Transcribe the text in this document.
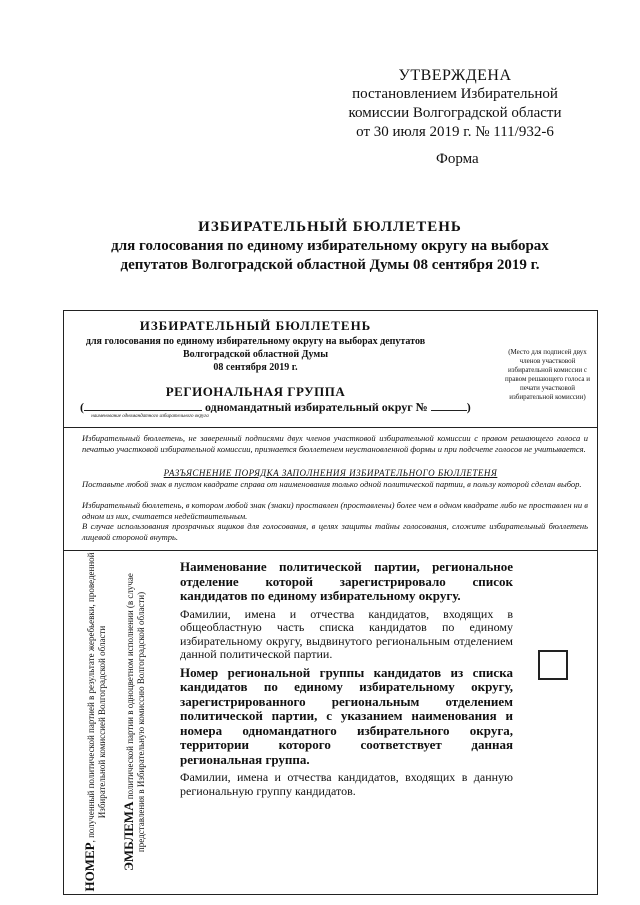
УТВЕРЖДЕНА
постановлением Избирательной
комиссии Волгоградской области
от 30 июля 2019 г. № 111/932-6
Форма
ИЗБИРАТЕЛЬНЫЙ БЮЛЛЕТЕНЬ
для голосования по единому избирательному округу на выборах
депутатов Волгоградской областной Думы 08 сентября 2019 г.
ИЗБИРАТЕЛЬНЫЙ БЮЛЛЕТЕНЬ
для голосования по единому избирательному округу на выборах депутатов
Волгоградской областной Думы
08 сентября 2019 г.
РЕГИОНАЛЬНАЯ ГРУППА
(	одномандатный избирательный округ №	)
наименование одномандатного избирательного округа
(Место для подписей двух членов участковой избирательной комиссии с правом решающего голоса и печати участковой избирательной комиссии)
Избирательный бюллетень, не заверенный подписями двух членов участковой избирательной комиссии с правом решающего голоса и печатью участковой избирательной комиссии, признается бюллетенем неустановленной формы и при подсчете голосов не учитывается.
РАЗЪЯСНЕНИЕ ПОРЯДКА ЗАПОЛНЕНИЯ ИЗБИРАТЕЛЬНОГО БЮЛЛЕТЕНЯ
Поставьте любой знак в пустом квадрате справа от наименования только одной политической партии, в пользу которой сделан выбор.
Избирательный бюллетень, в котором любой знак (знаки) проставлен (проставлены) более чем в одном квадрате либо не проставлен ни в одном из них, считается недействительным.
В случае использования прозрачных ящиков для голосования, в целях защиты тайны голосования, сложите избирательный бюллетень лицевой стороной внутрь.
НОМЕР, полученный политической партией в результате жеребьевки, проведенной Избирательной комиссией Волгоградской области
ЭМБЛЕМА политической партии в одноцветном исполнении (в случае представления в Избирательную комиссию Волгоградской области)

Наименование политической партии, региональное отделение которой зарегистрировало список кандидатов по единому избирательному округу.

Фамилии, имена и отчества кандидатов, входящих в общеобластную часть списка кандидатов по единому избирательному округу, выдвинутого региональным отделением данной политической партии.

Номер региональной группы кандидатов из списка кандидатов по единому избирательному округу, зарегистрированного региональным отделением политической партии, с указанием наименования и номера одномандатного избирательного округа, территории которого соответствует данная региональная группа.

Фамилии, имена и отчества кандидатов, входящих в данную региональную группу кандидатов.
